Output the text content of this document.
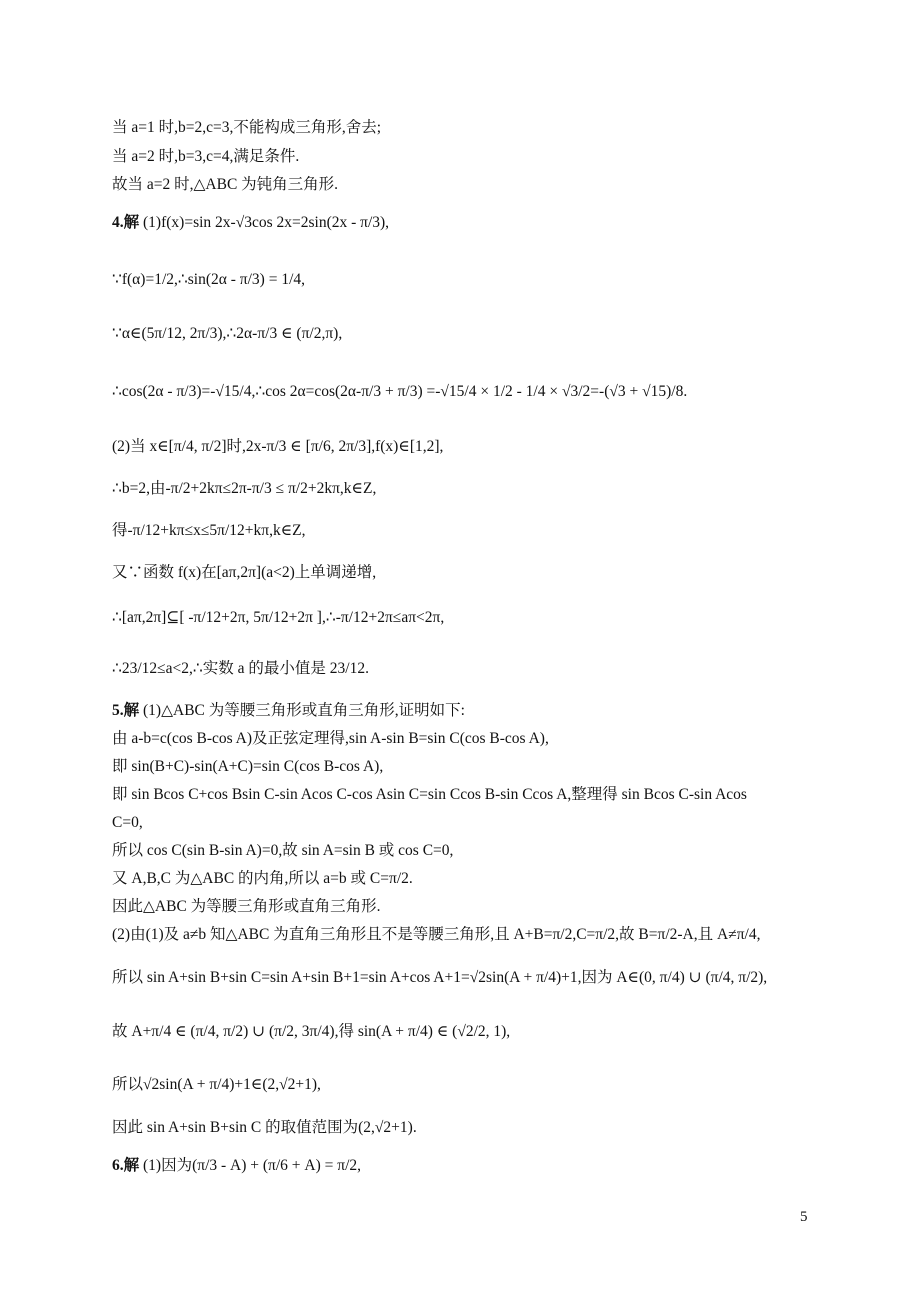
当 a=1 时,b=2,c=3,不能构成三角形,舍去;
当 a=2 时,b=3,c=4,满足条件.
故当 a=2 时,△ABC 为钝角三角形.
4.解 (1)f(x)=sin 2x-√3cos 2x=2sin(2x - π/3),
∵f(α)=1/2,∴sin(2α - π/3) = 1/4,
∵α∈(5π/12, 2π/3),∴2α-π/3 ∈ (π/2,π),
∴cos(2α - π/3)=-√15/4,∴cos 2α=cos(2α-π/3 + π/3) =-√15/4 × 1/2 - 1/4 × √3/2=-(√3 + √15)/8.
(2)当 x∈[π/4, π/2]时,2x-π/3 ∈ [π/6, 2π/3],f(x)∈[1,2],
∴b=2,由-π/2+2kπ≤2π-π/3 ≤ π/2+2kπ,k∈Z,
得-π/12+kπ≤x≤5π/12+kπ,k∈Z,
又∵函数 f(x)在[aπ,2π](a<2)上单调递增,
∴[aπ,2π]⊆[ -π/12+2π, 5π/12+2π ],∴-π/12+2π≤aπ<2π,
∴23/12≤a<2,∴实数 a 的最小值是 23/12.
5.解 (1)△ABC 为等腰三角形或直角三角形,证明如下:
由 a-b=c(cos B-cos A)及正弦定理得,sin A-sin B=sin C(cos B-cos A),
即 sin(B+C)-sin(A+C)=sin C(cos B-cos A),
即 sin Bcos C+cos Bsin C-sin Acos C-cos Asin C=sin Ccos B-sin Ccos A,整理得 sin Bcos C-sin Acos
C=0,
所以 cos C(sin B-sin A)=0,故 sin A=sin B 或 cos C=0,
又 A,B,C 为△ABC 的内角,所以 a=b 或 C=π/2.
因此△ABC 为等腰三角形或直角三角形.
(2)由(1)及 a≠b 知△ABC 为直角三角形且不是等腰三角形,且 A+B=π/2,C=π/2,故 B=π/2-A,且 A≠π/4,
所以 sin A+sin B+sin C=sin A+sin B+1=sin A+cos A+1=√2sin(A + π/4)+1,因为 A∈(0, π/4) ∪ (π/4, π/2),
故 A+π/4 ∈ (π/4, π/2) ∪ (π/2, 3π/4),得 sin(A + π/4) ∈ (√2/2, 1),
所以√2sin(A + π/4)+1∈(2,√2+1),
因此 sin A+sin B+sin C 的取值范围为(2,√2+1).
6.解 (1)因为(π/3 - A) + (π/6 + A) = π/2,
5
